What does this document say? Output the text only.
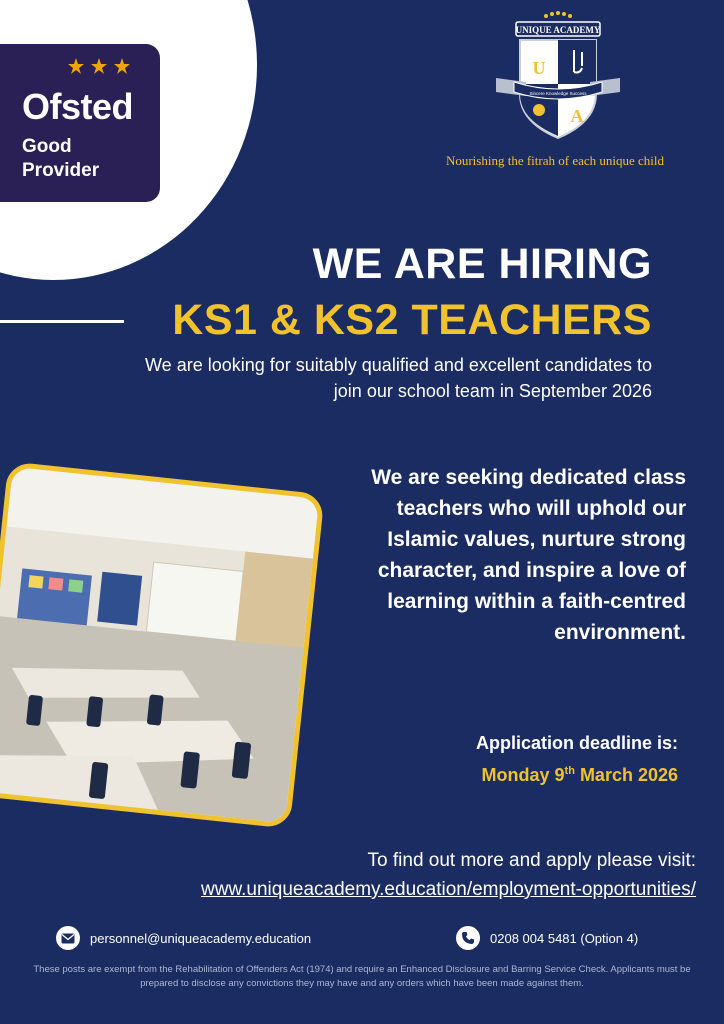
Ofsted
Good
Provider
UNIQUE ACADEMY
U
A
Sincere Knowledge Success
Nourishing the fitrah of each unique child
WE ARE HIRING
KS1 & KS2 TEACHERS
We are looking for suitably qualified and excellent candidates to join our school team in September 2026
We are seeking dedicated class teachers who will uphold our Islamic values, nurture strong character, and inspire a love of learning within a faith-centred environment.
Application deadline is:
Monday 9th March 2026
To find out more and apply please visit:
www.uniqueacademy.education/employment-opportunities/
personnel@uniqueacademy.education	0208 004 5481 (Option 4)
These posts are exempt from the Rehabilitation of Offenders Act (1974) and require an Enhanced Disclosure and Barring Service Check. Applicants must be prepared to disclose any convictions they may have and any orders which have been made against them.
